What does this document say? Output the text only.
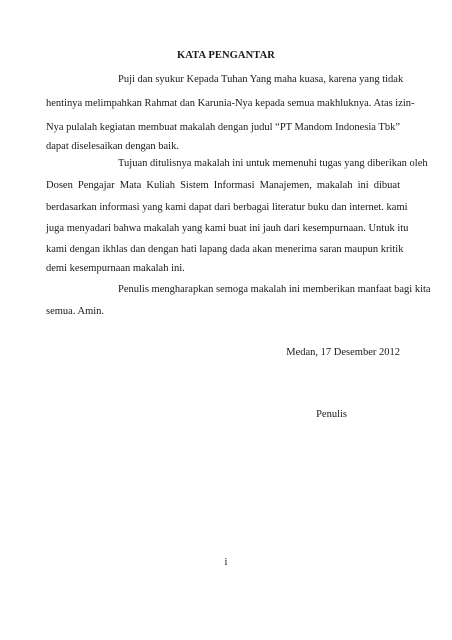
KATA PENGANTAR
Puji dan syukur Kepada Tuhan Yang maha kuasa, karena yang tidak
hentinya melimpahkan Rahmat dan Karunia-Nya kepada semua makhluknya. Atas izin-
Nya pulalah kegiatan membuat makalah dengan judul “PT Mandom Indonesia Tbk”
dapat diselesaikan dengan baik.
Tujuan ditulisnya makalah ini untuk memenuhi tugas yang diberikan oleh
Dosen Pengajar Mata Kuliah Sistem Informasi Manajemen, makalah ini dibuat
berdasarkan informasi yang kami dapat dari berbagai literatur buku dan internet. kami
juga menyadari bahwa makalah yang kami buat ini jauh dari kesempurnaan. Untuk itu
kami dengan ikhlas dan dengan hati lapang dada akan menerima saran maupun kritik
demi kesempurnaan makalah ini.
Penulis mengharapkan semoga makalah ini memberikan manfaat bagi kita
semua. Amin.
Medan, 17 Desember 2012
Penulis
i
